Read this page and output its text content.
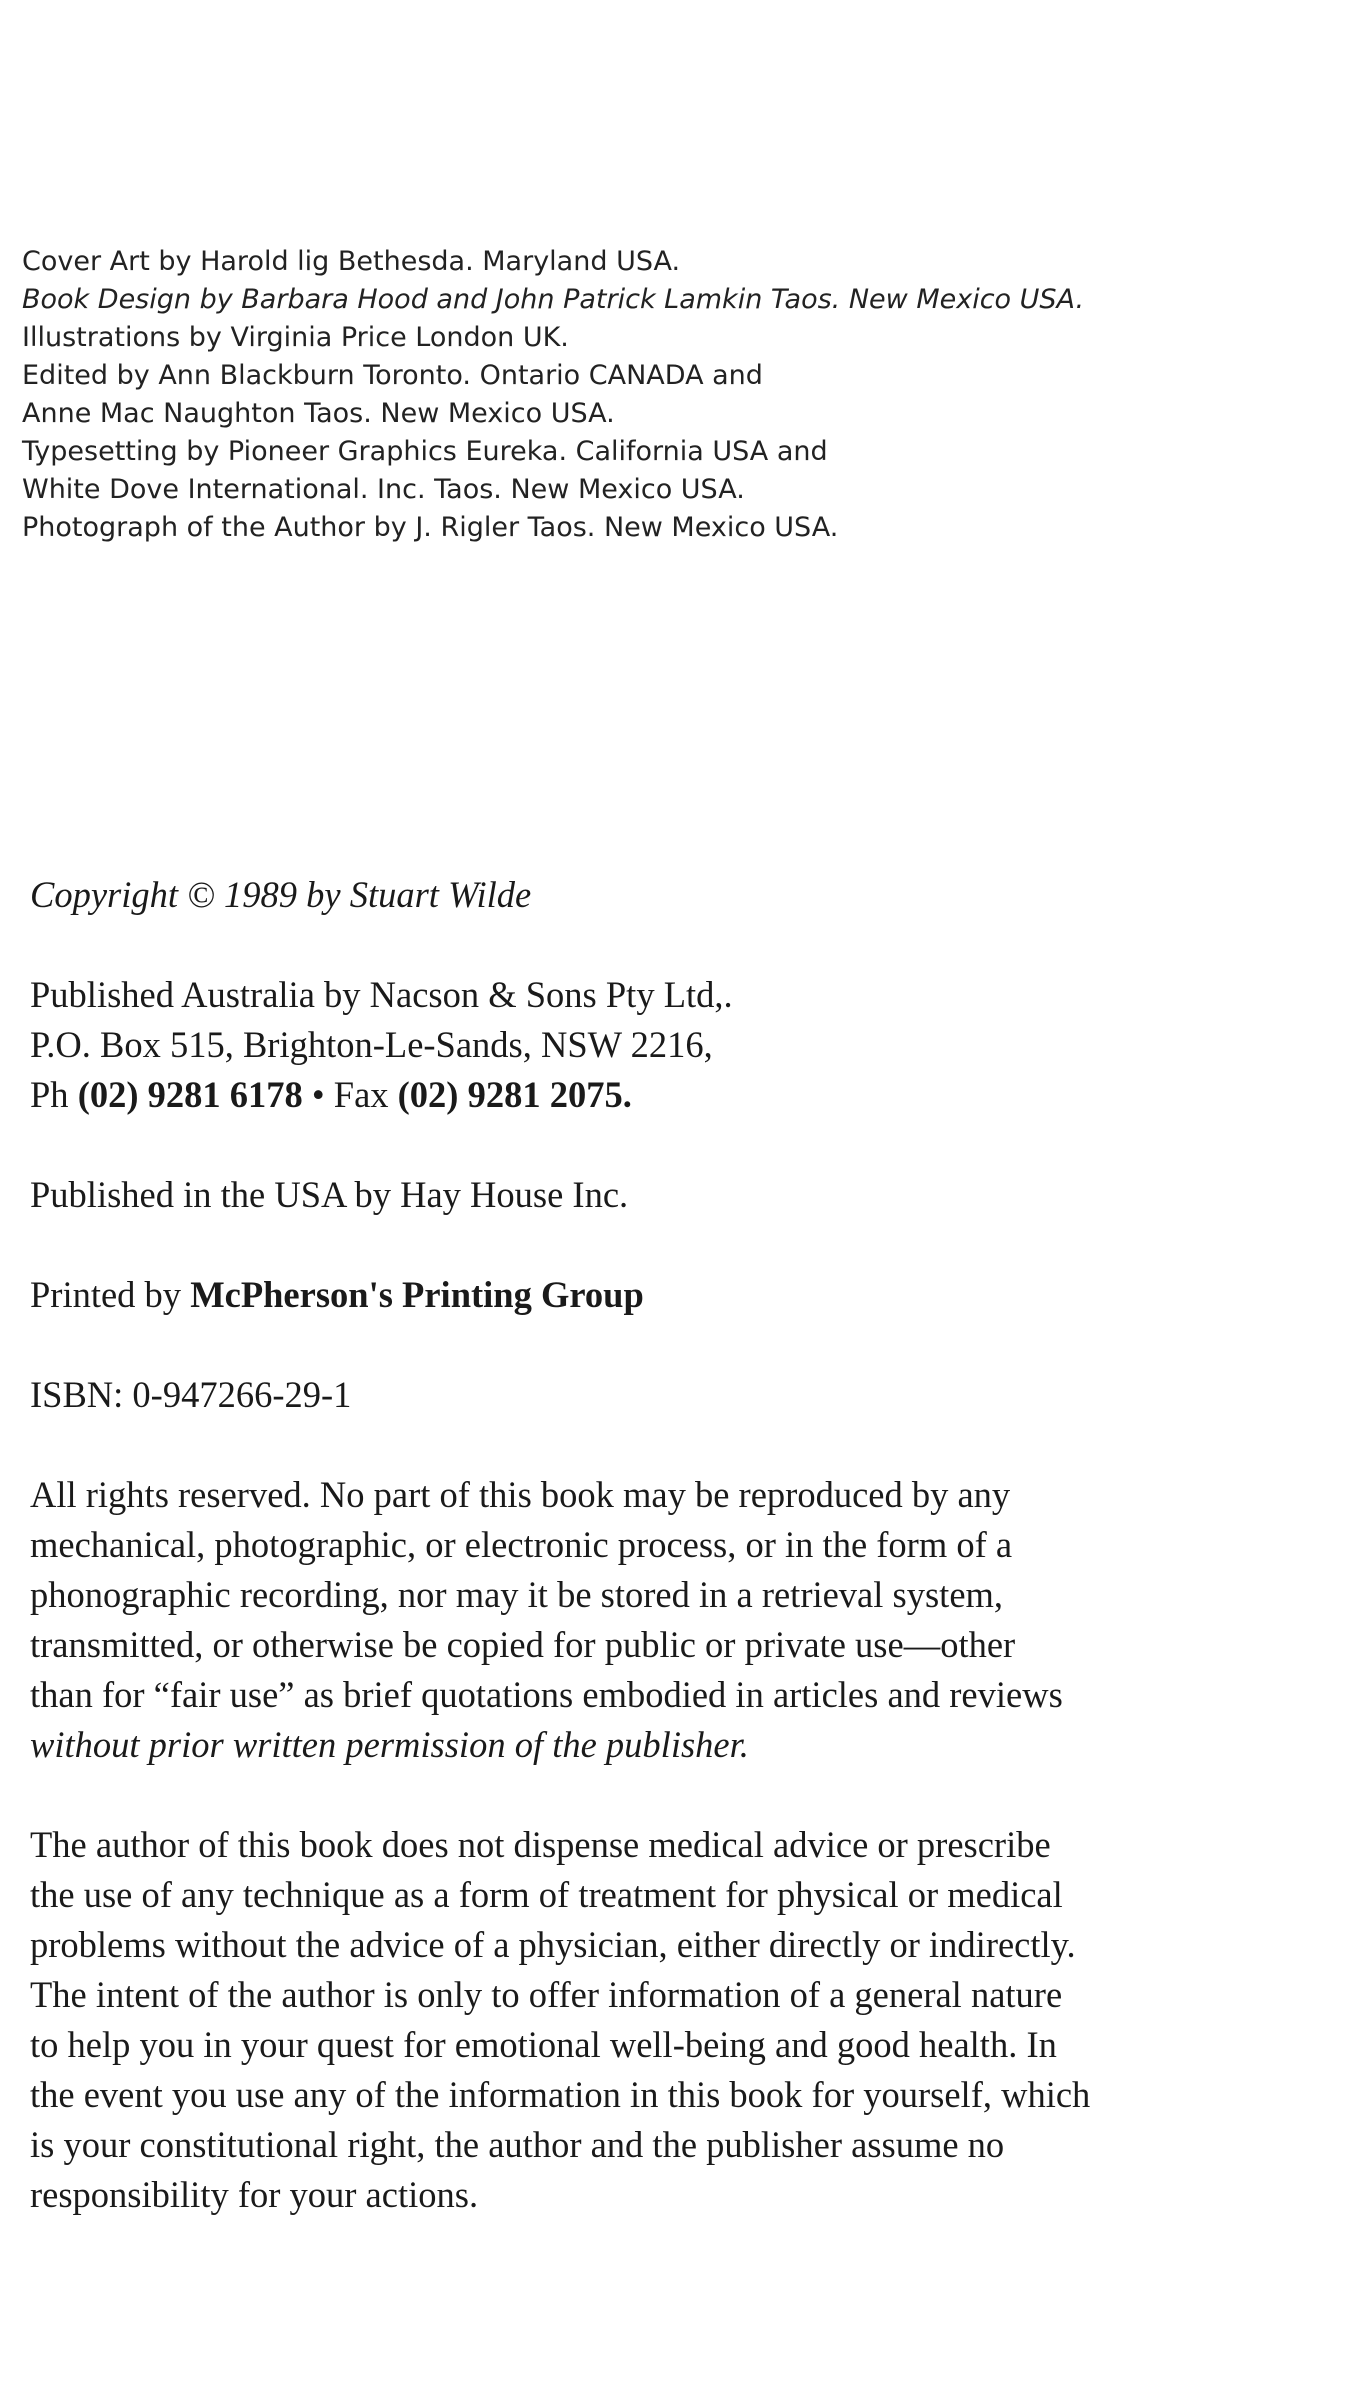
Cover Art by Harold lig Bethesda. Maryland USA.
Book Design by Barbara Hood and John Patrick Lamkin Taos. New Mexico USA.
Illustrations by Virginia Price London UK.
Edited by Ann Blackburn Toronto. Ontario CANADA and
Anne Mac Naughton Taos. New Mexico USA.
Typesetting by Pioneer Graphics Eureka. California USA and
White Dove International. Inc. Taos. New Mexico USA.
Photograph of the Author by J. Rigler Taos. New Mexico USA.

Copyright © 1989 by Stuart Wilde

Published Australia by Nacson & Sons Pty Ltd,.
P.O. Box 515, Brighton-Le-Sands, NSW 2216,
Ph (02) 9281 6178 • Fax (02) 9281 2075.

Published in the USA by Hay House Inc.

Printed by McPherson's Printing Group

ISBN: 0-947266-29-1

All rights reserved. No part of this book may be reproduced by any
mechanical, photographic, or electronic process, or in the form of a
phonographic recording, nor may it be stored in a retrieval system,
transmitted, or otherwise be copied for public or private use—other
than for “fair use” as brief quotations embodied in articles and reviews
without prior written permission of the publisher.

The author of this book does not dispense medical advice or prescribe
the use of any technique as a form of treatment for physical or medical
problems without the advice of a physician, either directly or indirectly.
The intent of the author is only to offer information of a general nature
to help you in your quest for emotional well-being and good health. In
the event you use any of the information in this book for yourself, which
is your constitutional right, the author and the publisher assume no
responsibility for your actions.
